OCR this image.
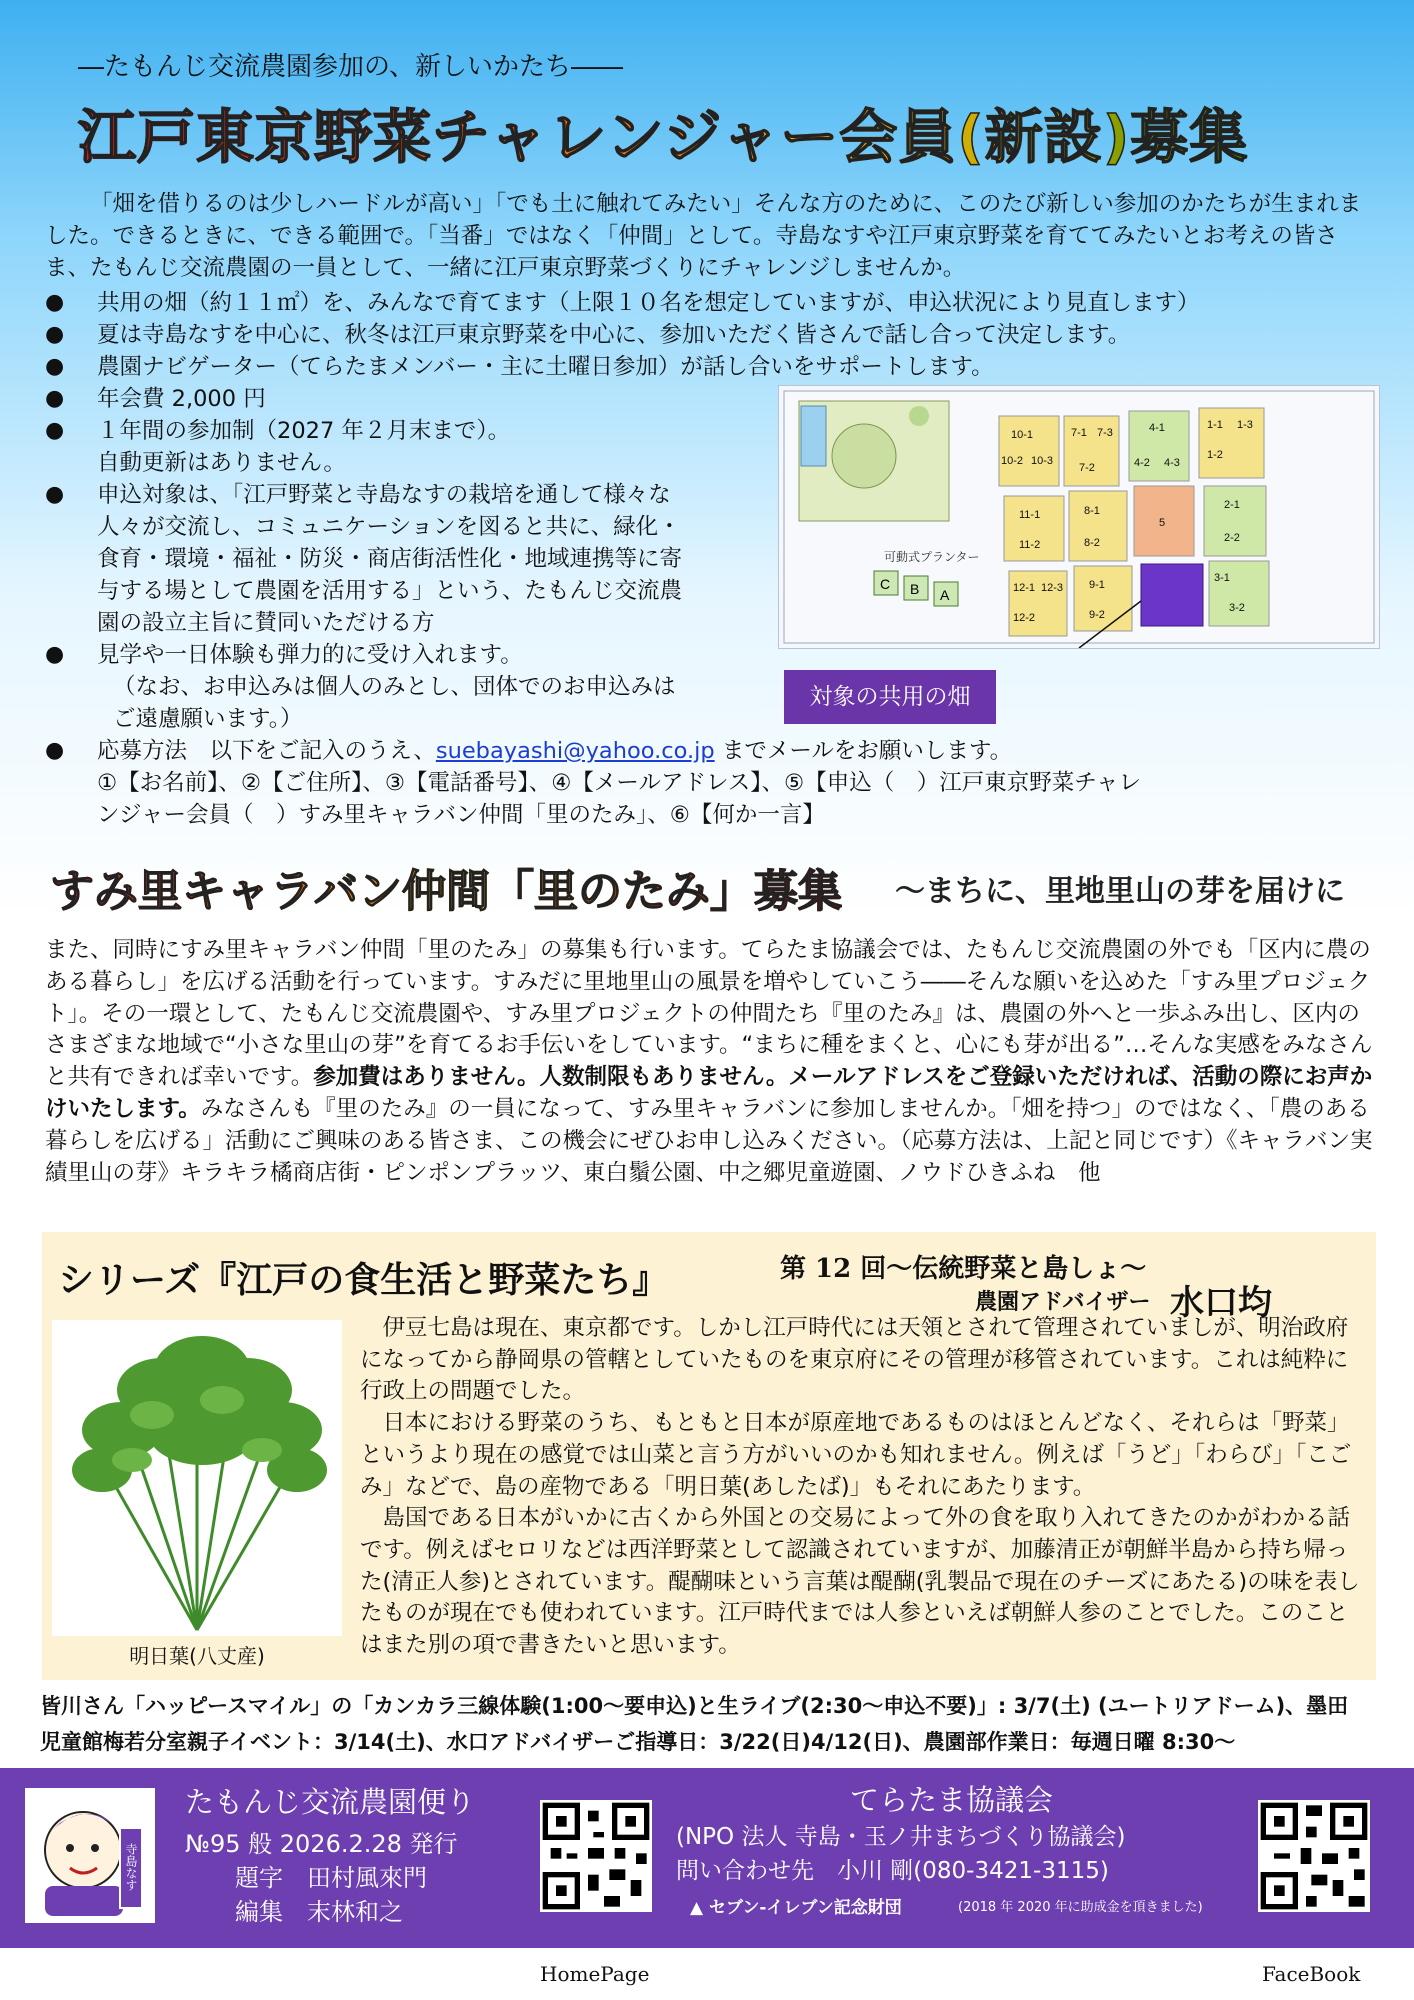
―たもんじ交流農園参加の、新しいかたち――
江戸東京野菜チャレンジャー会員(新設)募集
「畑を借りるのは少しハードルが高い」「でも土に触れてみたい」そんな方のために、このたび新しい参加のかたちが生まれました。できるときに、できる範囲で。「当番」ではなく「仲間」として。寺島なすや江戸東京野菜を育ててみたいとお考えの皆さま、たもんじ交流農園の一員として、一緒に江戸東京野菜づくりにチャレンジしませんか。
● 共用の畑（約１１㎡）を、みんなで育てます（上限１０名を想定していますが、申込状況により見直します）
● 夏は寺島なすを中心に、秋冬は江戸東京野菜を中心に、参加いただく皆さんで話し合って決定します。
● 農園ナビゲーター（てらたまメンバー・主に土曜日参加）が話し合いをサポートします。
● 年会費 2,000 円
● １年間の参加制（2027 年２月末まで）。
自動更新はありません。
● 申込対象は、「江戸野菜と寺島なすの栽培を通して様々な
人々が交流し、コミュニケーションを図ると共に、緑化・
食育・環境・福祉・防災・商店街活性化・地域連携等に寄
与する場として農園を活用する」という、たもんじ交流農
園の設立主旨に賛同いただける方
● 見学や一日体験も弾力的に受け入れます。
（なお、お申込みは個人のみとし、団体でのお申込みは
ご遠慮願います。）
● 応募方法　以下をご記入のうえ、suebayashi@yahoo.co.jp までメールをお願いします。
①【お名前】、②【ご住所】、③【電話番号】、④【メールアドレス】、⑤【申込（　）江戸東京野菜チャレ
ンジャー会員（　）すみ里キャラバン仲間「里のたみ」、⑥【何か一言】
可動式プランター
C B A
10-1
10-2 10-3
7-1
7-2
7-3	4-1
4-2 4-3
1-1
1-2
1-3
11-1
11-2
8-1
8-2
5
2-1
2-2
12-1
12-2
12-3 9-1
9-2
3-1
3-2
対象の共用の畑
すみ里キャラバン仲間「里のたみ」募集 ～まちに、里地里山の芽を届けに
また、同時にすみ里キャラバン仲間「里のたみ」の募集も行います。てらたま協議会では、たもんじ交流農園の外でも「区内に農のある暮らし」を広げる活動を行っています。すみだに里地里山の風景を増やしていこう――そんな願いを込めた「すみ里プロジェクト」。その一環として、たもんじ交流農園や、すみ里プロジェクトの仲間たち『里のたみ』は、農園の外へと一歩ふみ出し、区内のさまざまな地域で“小さな里山の芽”を育てるお手伝いをしています。“まちに種をまくと、心にも芽が出る”…そんな実感をみなさんと共有できれば幸いです。参加費はありません。人数制限もありません。メールアドレスをご登録いただければ、活動の際にお声かけいたします。みなさんも『里のたみ』の一員になって、すみ里キャラバンに参加しませんか。「畑を持つ」のではなく、「農のある暮らしを広げる」活動にご興味のある皆さま、この機会にぜひお申し込みください。（応募方法は、上記と同じです）《キャラバン実績里山の芽》キラキラ橘商店街・ピンポンプラッツ、東白鬚公園、中之郷児童遊園、ノウドひきふね　他
シリーズ『江戸の食生活と野菜たち』	第 12 回～伝統野菜と島しょ～
農園アドバイザー 水口均
明日葉(八丈産)

伊豆七島は現在、東京都です。しかし江戸時代には天領とされて管理されていましが、明治政府になってから静岡県の管轄としていたものを東京府にその管理が移管されています。これは純粋に行政上の問題でした。

日本における野菜のうち、もともと日本が原産地であるものはほとんどなく、それらは「野菜」というより現在の感覚では山菜と言う方がいいのかも知れません。例えば「うど」「わらび」「こごみ」などで、島の産物である「明日葉(あしたば)」もそれにあたります。

島国である日本がいかに古くから外国との交易によって外の食を取り入れてきたのかがわかる話です。例えばセロリなどは西洋野菜として認識されていますが、加藤清正が朝鮮半島から持ち帰った(清正人参)とされています。醍醐味という言葉は醍醐(乳製品で現在のチーズにあたる)の味を表したものが現在でも使われています。江戸時代までは人参といえば朝鮮人参のことでした。このことはまた別の項で書きたいと思います。

皆川さん「ハッピースマイル」の「カンカラ三線体験(1:00～要申込)と生ライブ(2:30～申込不要)」: 3/7(土) (ユートリアドーム)、墨田
児童館梅若分室親子イベント：3/14(土)、水口アドバイザーご指導日：3/22(日)4/12(日)、農園部作業日：毎週日曜 8:30～
寺島なす
たもんじ交流農園便り
№95 般 2026.2.28 発行
題字　田村風來門
編集　末林和之
てらたま協議会
(NPO 法人 寺島・玉ノ井まちづくり協議会)
問い合わせ先　小川 剛(080-3421-3115)
▲ セブン-イレブン記念財団	(2018 年 2020 年に助成金を頂きました)
HomePage	FaceBook
